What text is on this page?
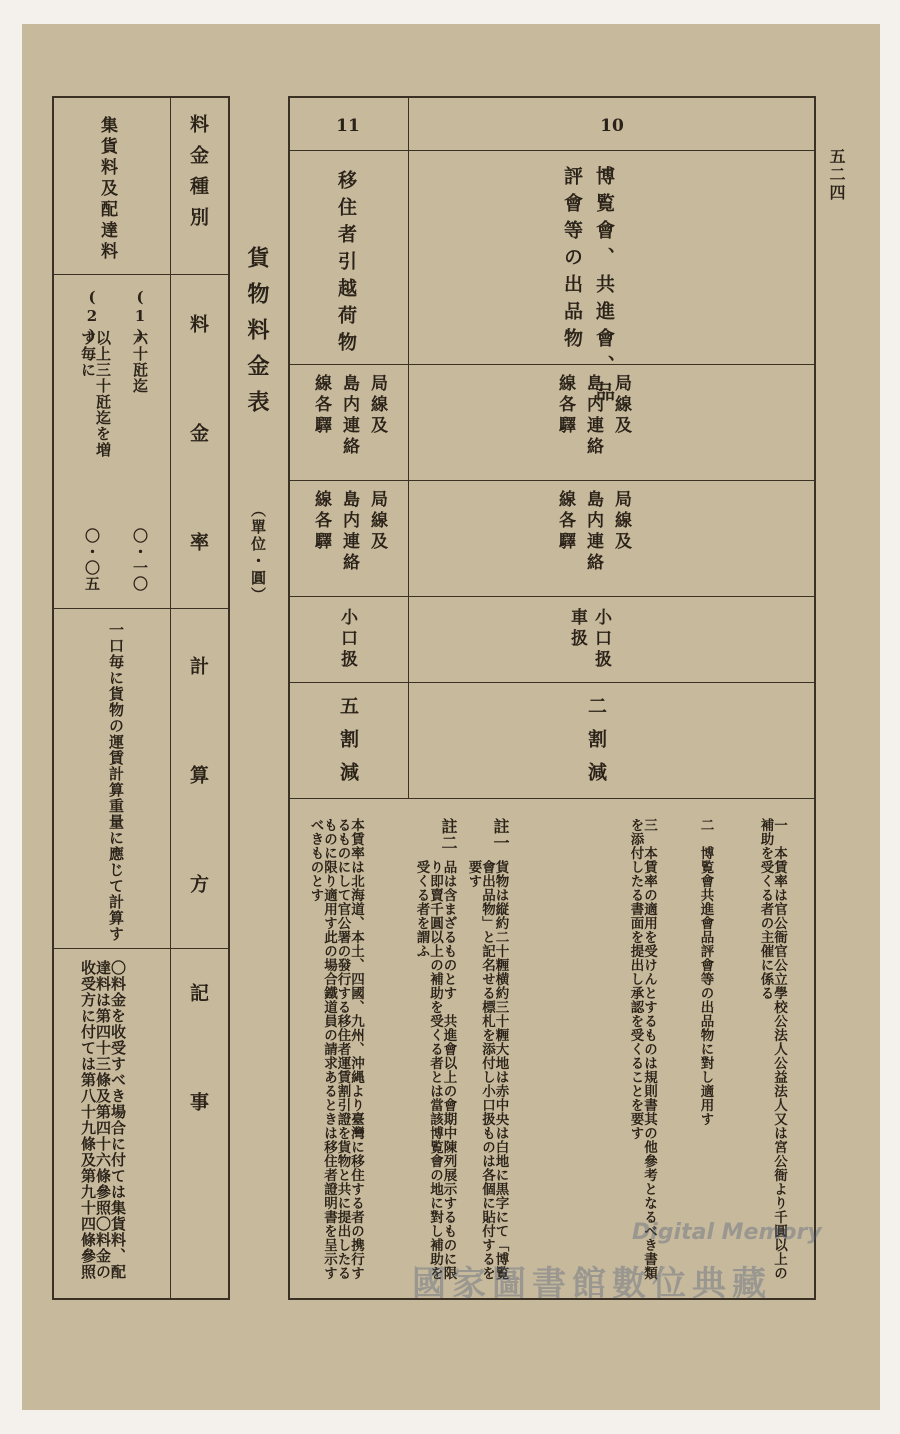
五二四
11	10
博覧會、共進會、品
評會等の出品物
移住者引越荷物
局線及
島内連絡
線各驛
局線及
島内連絡
線各驛
局線及
島内連絡
線各驛
局線及
島内連絡
線各驛
小口扱
車扱
小口扱
二割減
五割減
一　本賃率は官公衙官公立學校公法人公益法人又は宮公衙より千圓以上の補助を受くる者の主催に係る
二　博覧會共進會品評會等の出品物に對し適用す
三　本賃率の適用を受けんとするものは規則書其の他參考となるべき書類を添付したる書面を提出し承認を受くることを要す
註一
貨物は縦約二十糎横約三十糎大地は赤中央は白地に黒字にて「博覧會出品物」と記名せる標札を添付し小口扱ものは各個に貼付するを要す
註二
品は含まざるものとす　共進會以上の會期中陳列展示するものに限り即賣千圓以上の補助を受くる者とは當該博覧會の地に對し補助を受くる者を謂ふ
本賃率は北海道、本土、四國、九州、沖縄より臺灣に移住する者の携行するものにして官公署の發行する移住者運賃割引證を貨物と共に提出したるものに限り適用す此の場合鐵道員の請求あるときは移住者證明書を呈示すべきものとす
貨物料金表
（單位・圓）
料金種別
料金率
計算方記事
集貨料及配達料
(1)
六十瓩迄
〇・一〇
(2)
以上三十瓩迄を増す毎に
〇・〇五
一口毎に貨物の運賃計算重量に應じて計算す
〇料金を收受すべき場合に付ては集貨料、配達料は第四十三條及第四十六條參照〇料金の收受方に付ては第八十九條及第九十四條參照
國家圖書館數位典藏
Digital Memory
